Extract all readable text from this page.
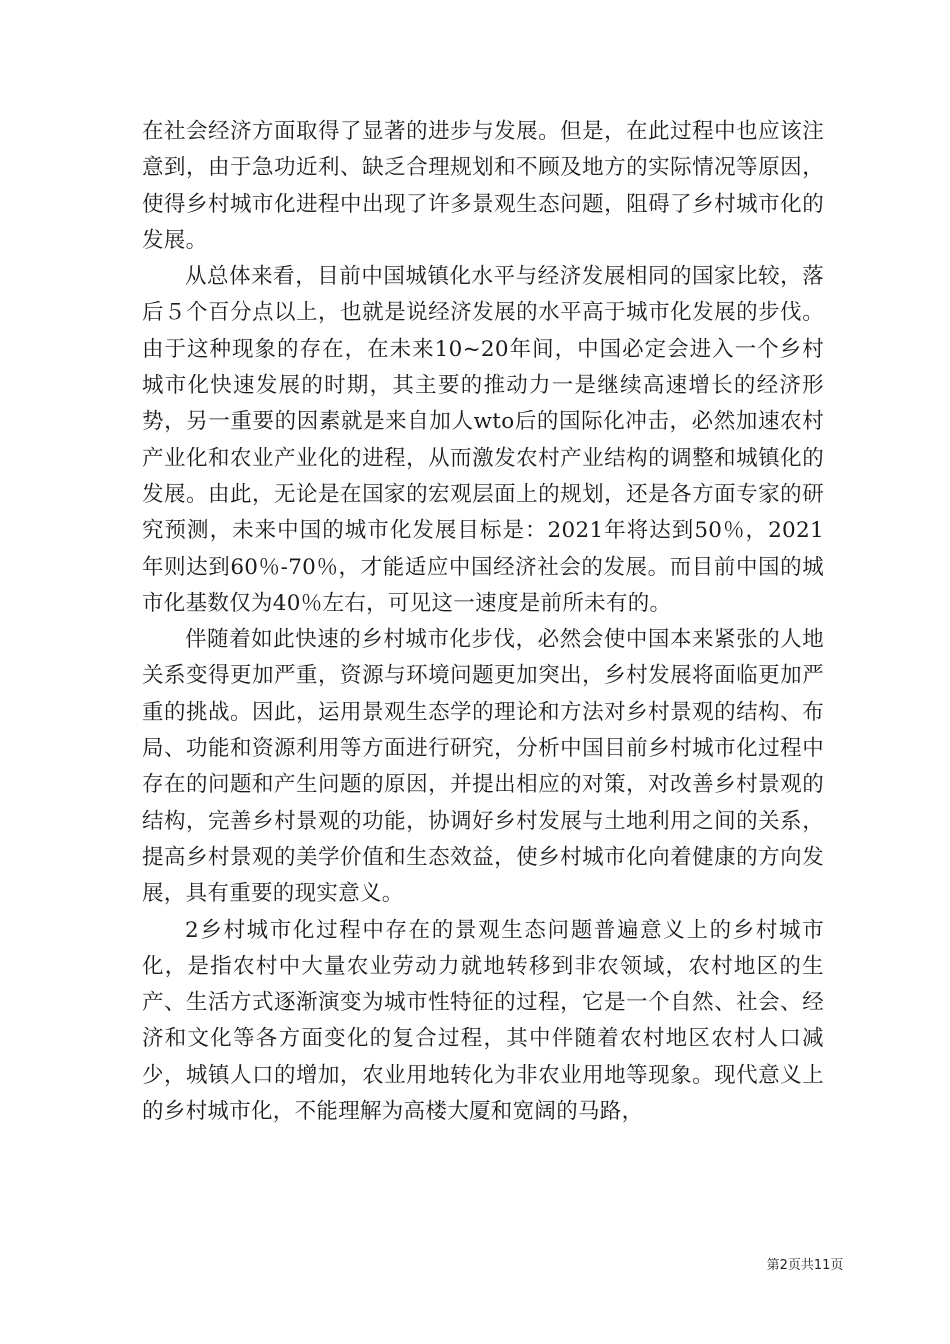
在社会经济方面取得了显著的进步与发展。但是，在此过程中也应该注意到，由于急功近利、缺乏合理规划和不顾及地方的实际情况等原因，使得乡村城市化进程中出现了许多景观生态问题，阻碍了乡村城市化的发展。

从总体来看，目前中国城镇化水平与经济发展相同的国家比较，落后５个百分点以上，也就是说经济发展的水平高于城市化发展的步伐。由于这种现象的存在，在未来10~20年间，中国必定会进入一个乡村城市化快速发展的时期，其主要的推动力一是继续高速增长的经济形势，另一重要的因素就是来自加人wto后的国际化冲击，必然加速农村产业化和农业产业化的进程，从而激发农村产业结构的调整和城镇化的发展。由此，无论是在国家的宏观层面上的规划，还是各方面专家的研究预测，未来中国的城市化发展目标是：2021年将达到50％，2021年则达到60％-70％，才能适应中国经济社会的发展。而目前中国的城市化基数仅为40％左右，可见这一速度是前所未有的。

伴随着如此快速的乡村城市化步伐，必然会使中国本来紧张的人地关系变得更加严重，资源与环境问题更加突出，乡村发展将面临更加严重的挑战。因此，运用景观生态学的理论和方法对乡村景观的结构、布局、功能和资源利用等方面进行研究，分析中国目前乡村城市化过程中存在的问题和产生问题的原因，并提出相应的对策，对改善乡村景观的结构，完善乡村景观的功能，协调好乡村发展与土地利用之间的关系，提高乡村景观的美学价值和生态效益，使乡村城市化向着健康的方向发展，具有重要的现实意义。

2乡村城市化过程中存在的景观生态问题普遍意义上的乡村城市化，是指农村中大量农业劳动力就地转移到非农领域，农村地区的生产、生活方式逐渐演变为城市性特征的过程，它是一个自然、社会、经济和文化等各方面变化的复合过程，其中伴随着农村地区农村人口减少，城镇人口的增加，农业用地转化为非农业用地等现象。现代意义上的乡村城市化，不能理解为高楼大厦和宽阔的马路，

第2页共11页
